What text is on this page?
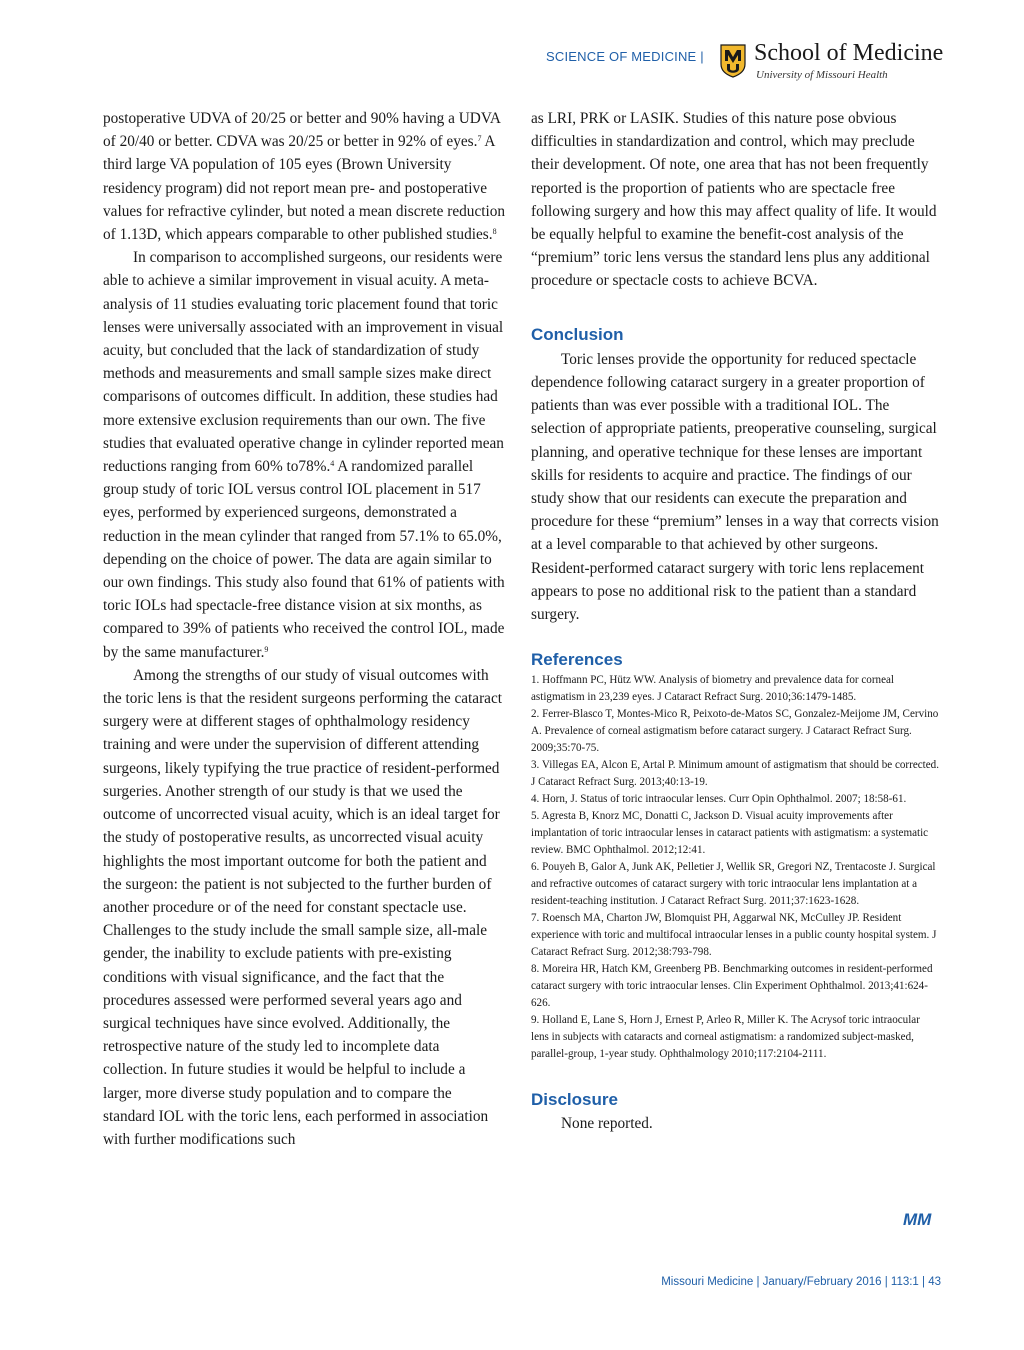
SCIENCE OF MEDICINE | School of Medicine
University of Missouri Health

postoperative UDVA of 20/25 or better and 90% having a UDVA of 20/40 or better. CDVA was 20/25 or better in 92% of eyes.$^7$ A third large VA population of 105 eyes (Brown University residency program) did not report mean pre- and postoperative values for refractive cylinder, but noted a mean discrete reduction of 1.13D, which appears comparable to other published studies.$^8$

In comparison to accomplished surgeons, our residents were able to achieve a similar improvement in visual acuity. A meta-analysis of 11 studies evaluating toric placement found that toric lenses were universally associated with an improvement in visual acuity, but concluded that the lack of standardization of study methods and measurements and small sample sizes make direct comparisons of outcomes difficult. In addition, these studies had more extensive exclusion requirements than our own. The five studies that evaluated operative change in cylinder reported mean reductions ranging from 60% to78%.$^4$ A randomized parallel group study of toric IOL versus control IOL placement in 517 eyes, performed by experienced surgeons, demonstrated a reduction in the mean cylinder that ranged from 57.1% to 65.0%, depending on the choice of power. The data are again similar to our own findings. This study also found that 61% of patients with toric IOLs had spectacle-free distance vision at six months, as compared to 39% of patients who received the control IOL, made by the same manufacturer.$^9$

Among the strengths of our study of visual outcomes with the toric lens is that the resident surgeons performing the cataract surgery were at different stages of ophthalmology residency training and were under the supervision of different attending surgeons, likely typifying the true practice of resident-performed surgeries. Another strength of our study is that we used the outcome of uncorrected visual acuity, which is an ideal target for the study of postoperative results, as uncorrected visual acuity highlights the most important outcome for both the patient and the surgeon: the patient is not subjected to the further burden of another procedure or of the need for constant spectacle use. Challenges to the study include the small sample size, all-male gender, the inability to exclude patients with pre-existing conditions with visual significance, and the fact that the procedures assessed were performed several years ago and surgical techniques have since evolved. Additionally, the retrospective nature of the study led to incomplete data collection. In future studies it would be helpful to include a larger, more diverse study population and to compare the standard IOL with the toric lens, each performed in association with further modifications such

as LRI, PRK or LASIK. Studies of this nature pose obvious difficulties in standardization and control, which may preclude their development. Of note, one area that has not been frequently reported is the proportion of patients who are spectacle free following surgery and how this may affect quality of life. It would be equally helpful to examine the benefit-cost analysis of the “premium” toric lens versus the standard lens plus any additional procedure or spectacle costs to achieve BCVA.

Conclusion

Toric lenses provide the opportunity for reduced spectacle dependence following cataract surgery in a greater proportion of patients than was ever possible with a traditional IOL. The selection of appropriate patients, preoperative counseling, surgical planning, and operative technique for these lenses are important skills for residents to acquire and practice. The findings of our study show that our residents can execute the preparation and procedure for these “premium” lenses in a way that corrects vision at a level comparable to that achieved by other surgeons. Resident-performed cataract surgery with toric lens replacement appears to pose no additional risk to the patient than a standard surgery.

References

1. Hoffmann PC, Hütz WW. Analysis of biometry and prevalence data for corneal astigmatism in 23,239 eyes. J Cataract Refract Surg. 2010;36:1479-1485.

2. Ferrer-Blasco T, Montes-Mico R, Peixoto-de-Matos SC, Gonzalez-Meijome JM, Cervino A. Prevalence of corneal astigmatism before cataract surgery. J Cataract Refract Surg. 2009;35:70-75.

3. Villegas EA, Alcon E, Artal P. Minimum amount of astigmatism that should be corrected. J Cataract Refract Surg. 2013;40:13-19.

4. Horn, J. Status of toric intraocular lenses. Curr Opin Ophthalmol. 2007; 18:58-61.

5. Agresta B, Knorz MC, Donatti C, Jackson D. Visual acuity improvements after implantation of toric intraocular lenses in cataract patients with astigmatism: a systematic review. BMC Ophthalmol. 2012;12:41.

6. Pouyeh B, Galor A, Junk AK, Pelletier J, Wellik SR, Gregori NZ, Trentacoste J. Surgical and refractive outcomes of cataract surgery with toric intraocular lens implantation at a resident-teaching institution. J Cataract Refract Surg. 2011;37:1623-1628.

7. Roensch MA, Charton JW, Blomquist PH, Aggarwal NK, McCulley JP. Resident experience with toric and multifocal intraocular lenses in a public county hospital system. J Cataract Refract Surg. 2012;38:793-798.

8. Moreira HR, Hatch KM, Greenberg PB. Benchmarking outcomes in resident-performed cataract surgery with toric intraocular lenses. Clin Experiment Ophthalmol. 2013;41:624-626.

9. Holland E, Lane S, Horn J, Ernest P, Arleo R, Miller K. The Acrysof toric intraocular lens in subjects with cataracts and corneal astigmatism: a randomized subject-masked, parallel-group, 1-year study. Ophthalmology 2010;117:2104-2111.

Disclosure

None reported.

MM
Missouri Medicine | January/February 2016 | 113:1 | 43
